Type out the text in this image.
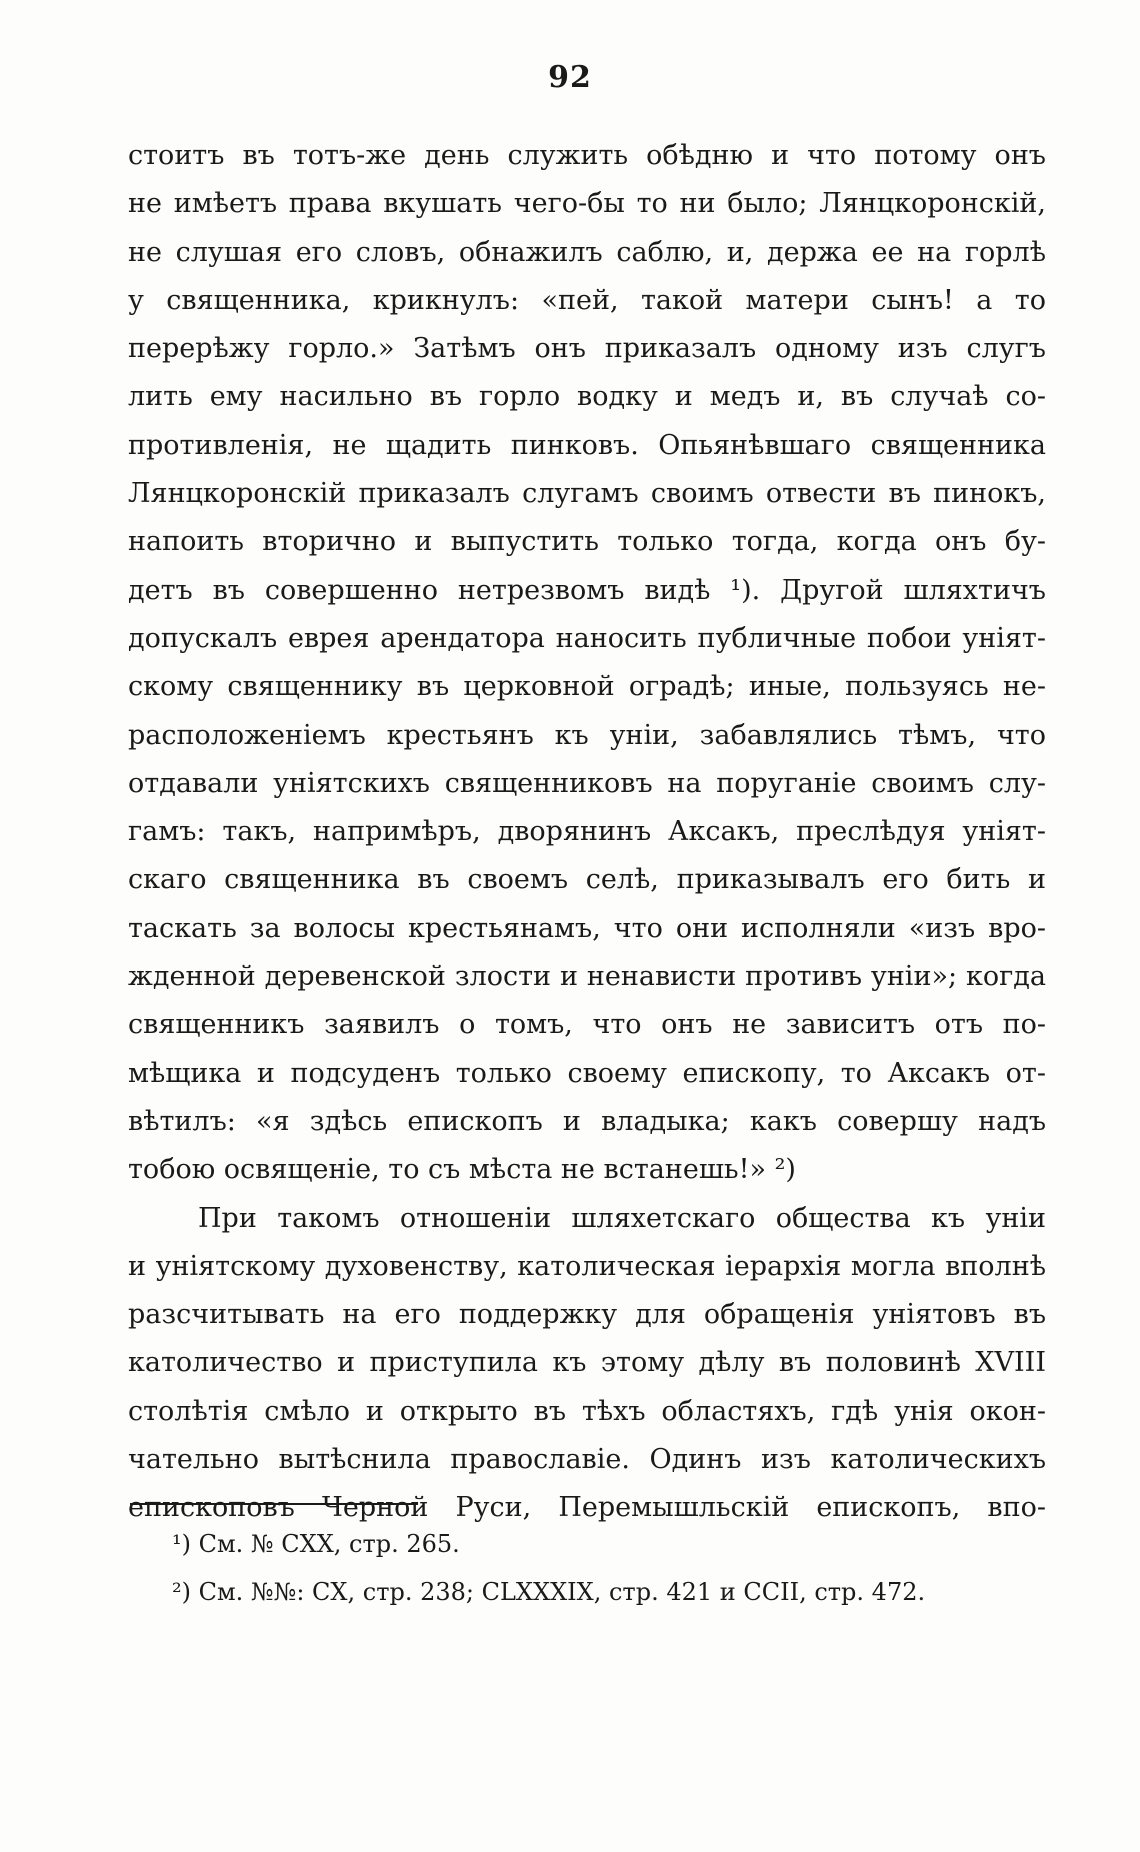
92
стоитъ въ тотъ-же день служить обѣдню и что потому онъ
не имѣетъ права вкушать чего-бы то ни было; Лянцкоронскій,
не слушая его словъ, обнажилъ саблю, и, держа ее на горлѣ
у священника, крикнулъ: «пей, такой матери сынъ! а то
перерѣжу горло.» Затѣмъ онъ приказалъ одному изъ слугъ
лить ему насильно въ горло водку и медъ и, въ случаѣ со-
противленія, не щадить пинковъ. Опьянѣвшаго священника
Лянцкоронскій приказалъ слугамъ своимъ отвести въ пинокъ,
напоить вторично и выпустить только тогда, когда онъ бу-
детъ въ совершенно нетрезвомъ видѣ ¹). Другой шляхтичъ
допускалъ еврея арендатора наносить публичные побои уніят-
скому священнику въ церковной оградѣ; иные, пользуясь не-
расположеніемъ крестьянъ къ уніи, забавлялись тѣмъ, что
отдавали уніятскихъ священниковъ на поруганіе своимъ слу-
гамъ: такъ, напримѣръ, дворянинъ Аксакъ, преслѣдуя уніят-
скаго священника въ своемъ селѣ, приказывалъ его бить и
таскать за волосы крестьянамъ, что они исполняли «изъ вро-
жденной деревенской злости и ненависти противъ уніи»; когда
священникъ заявилъ о томъ, что онъ не зависитъ отъ по-
мѣщика и подсуденъ только своему епископу, то Аксакъ от-
вѣтилъ: «я здѣсь епископъ и владыка; какъ совершу надъ
тобою освященіе, то съ мѣста не встанешь!» ²)
При такомъ отношеніи шляхетскаго общества къ уніи
и уніятскому духовенству, католическая іерархія могла вполнѣ
разсчитывать на его поддержку для обращенія уніятовъ въ
католичество и приступила къ этому дѣлу въ половинѣ XVIII
столѣтія смѣло и открыто въ тѣхъ областяхъ, гдѣ унія окон-
чательно вытѣснила православіе. Одинъ изъ католическихъ
епископовъ Черной Руси, Перемышльскій епископъ, впо-
¹) См. № CXX, стр. 265.
²) См. №№: CX, стр. 238; CLXXXIX, стр. 421 и CCII, стр. 472.
